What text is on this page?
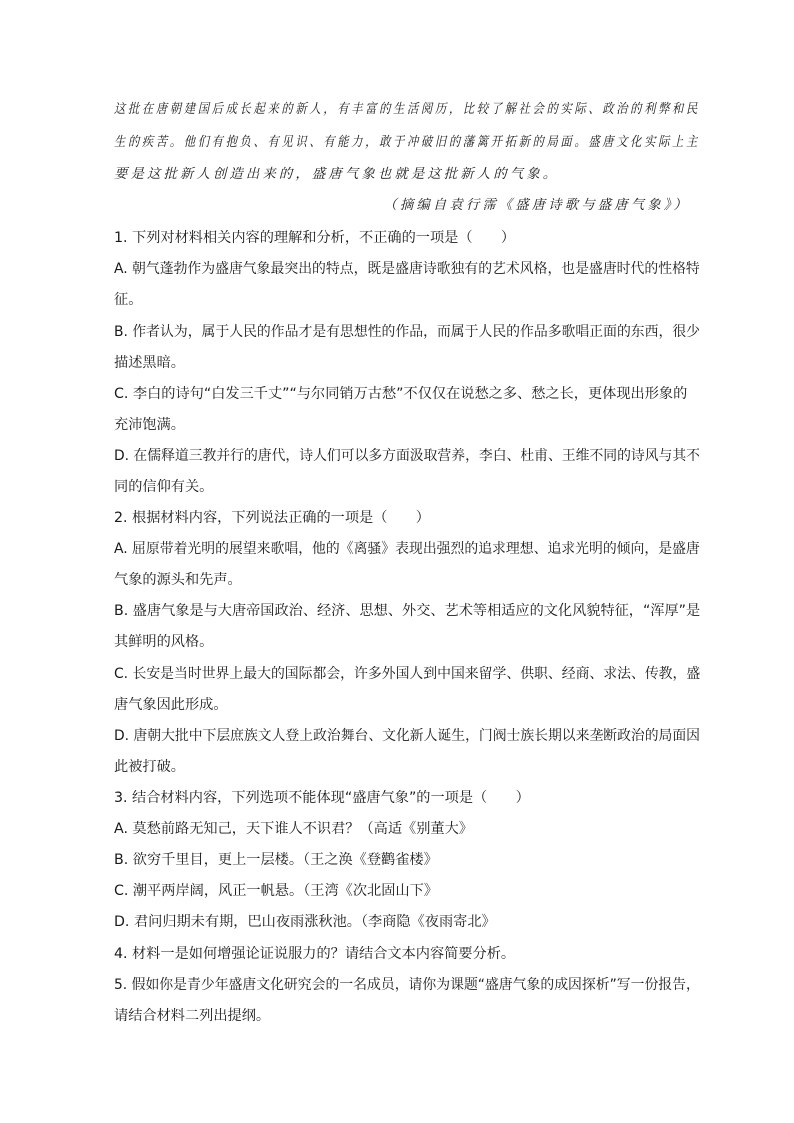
这批在唐朝建国后成长起来的新人，有丰富的生活阅历，比较了解社会的实际、政治的利弊和民
生的疾苦。他们有抱负、有见识、有能力，敢于冲破旧的藩篱开拓新的局面。盛唐文化实际上主
要是这批新人创造出来的，盛唐气象也就是这批新人的气象。
（摘编自袁行霈《盛唐诗歌与盛唐气象》）
1. 下列对材料相关内容的理解和分析，不正确的一项是（　　）
A. 朝气蓬勃作为盛唐气象最突出的特点，既是盛唐诗歌独有的艺术风格，也是盛唐时代的性格特
征。
B. 作者认为，属于人民的作品才是有思想性的作品，而属于人民的作品多歌唱正面的东西，很少
描述黑暗。
C. 李白的诗句“白发三千丈”“与尔同销万古愁”不仅仅在说愁之多、愁之长，更体现出形象的
充沛饱满。
D. 在儒释道三教并行的唐代，诗人们可以多方面汲取营养，李白、杜甫、王维不同的诗风与其不
同的信仰有关。
2. 根据材料内容，下列说法正确的一项是（　　）
A. 屈原带着光明的展望来歌唱，他的《离骚》表现出强烈的追求理想、追求光明的倾向，是盛唐
气象的源头和先声。
B. 盛唐气象是与大唐帝国政治、经济、思想、外交、艺术等相适应的文化风貌特征，“浑厚”是
其鲜明的风格。
C. 长安是当时世界上最大的国际都会，许多外国人到中国来留学、供职、经商、求法、传教，盛
唐气象因此形成。
D. 唐朝大批中下层庶族文人登上政治舞台、文化新人诞生，门阀士族长期以来垄断政治的局面因
此被打破。
3. 结合材料内容，下列选项不能体现“盛唐气象”的一项是（　　）
A. 莫愁前路无知己，天下谁人不识君？（高适《别董大》
B. 欲穷千里目，更上一层楼。（王之涣《登鹳雀楼》
C. 潮平两岸阔，风正一帆悬。（王湾《次北固山下》
D. 君问归期未有期，巴山夜雨涨秋池。（李商隐《夜雨寄北》
4. 材料一是如何增强论证说服力的？请结合文本内容简要分析。
5. 假如你是青少年盛唐文化研究会的一名成员，请你为课题“盛唐气象的成因探析”写一份报告，
请结合材料二列出提纲。
